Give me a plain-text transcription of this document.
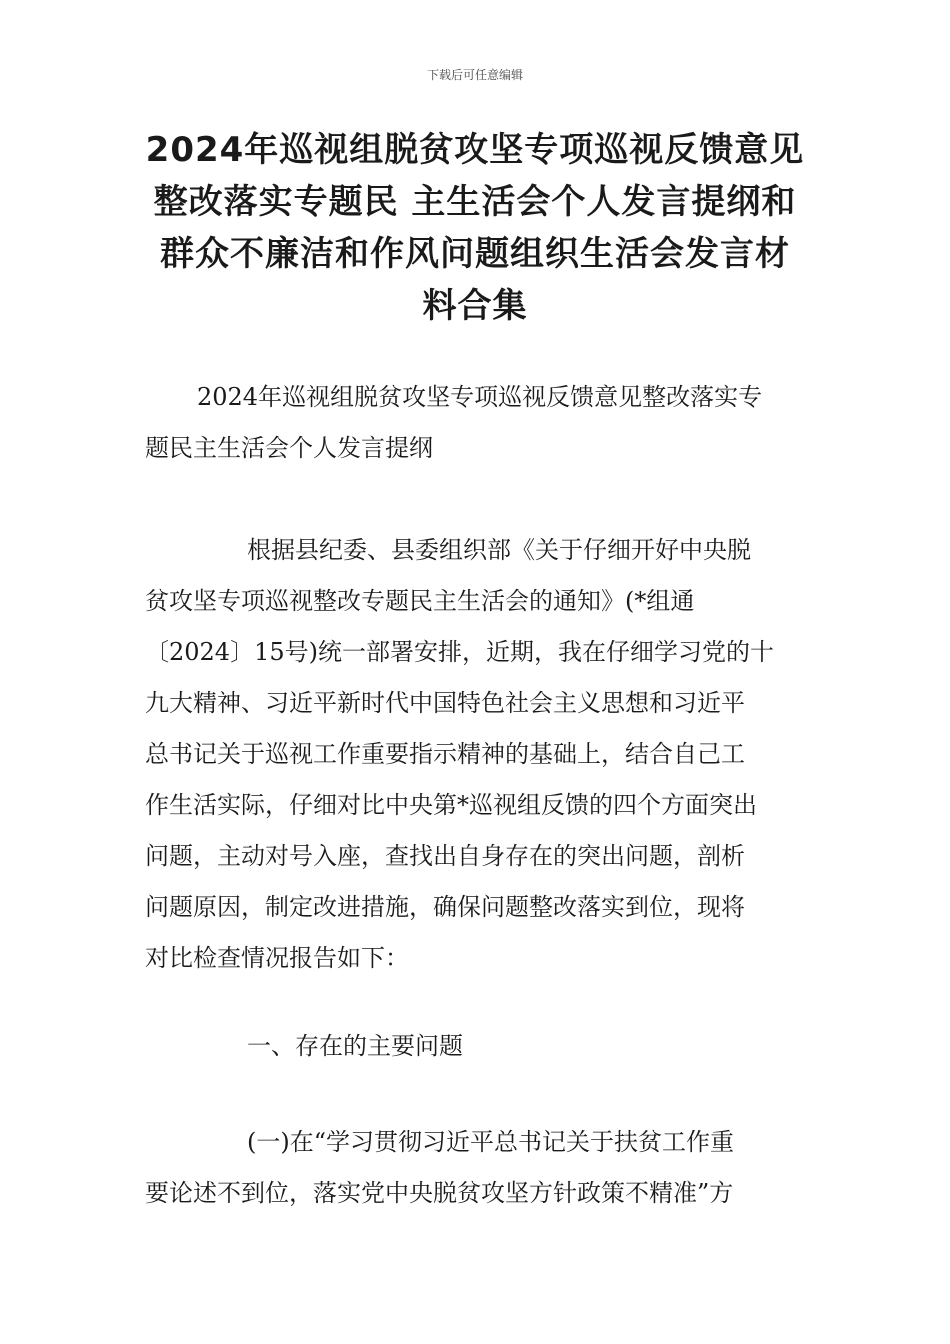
下载后可任意编辑
2024年巡视组脱贫攻坚专项巡视反馈意见
整改落实专题民 主生活会个人发言提纲和
群众不廉洁和作风问题组织生活会发言材
料合集
2024年巡视组脱贫攻坚专项巡视反馈意见整改落实专
题民主生活会个人发言提纲
根据县纪委、县委组织部《关于仔细开好中央脱
贫攻坚专项巡视整改专题民主生活会的通知》(*组通
〔2024〕15号)统一部署安排，近期，我在仔细学习党的十
九大精神、习近平新时代中国特色社会主义思想和习近平
总书记关于巡视工作重要指示精神的基础上，结合自己工
作生活实际，仔细对比中央第*巡视组反馈的四个方面突出
问题，主动对号入座，查找出自身存在的突出问题，剖析
问题原因，制定改进措施，确保问题整改落实到位，现将
对比检查情况报告如下：
一、存在的主要问题
(一)在“学习贯彻习近平总书记关于扶贫工作重
要论述不到位，落实党中央脱贫攻坚方针政策不精准”方
